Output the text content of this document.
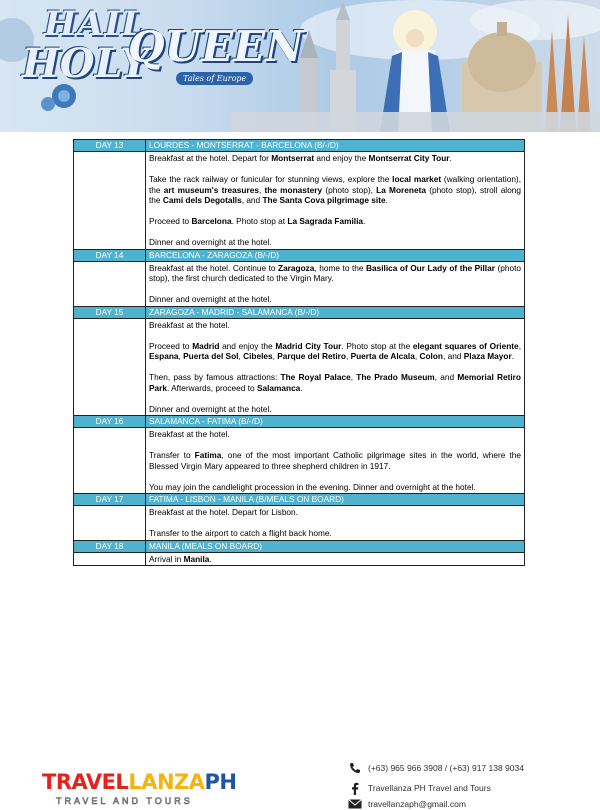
HAIL
HOLY
QUEEN
Tales of Europe
DAY 13	LOURDES - MONTSERRAT - BARCELONA (B/-/D)

	Breakfast at the hotel. Depart for Montserrat and enjoy the Montserrat City Tour.

Take the rack railway or funicular for stunning views, explore the local market (walking orientation), the art museum's treasures, the monastery (photo stop), La Moreneta (photo stop), stroll along the Cami dels Degotalls, and The Santa Cova pilgrimage site.

Proceed to Barcelona. Photo stop at La Sagrada Familia.

Dinner and overnight at the hotel.

DAY 14	BARCELONA - ZARAGOZA (B/-/D)

	Breakfast at the hotel. Continue to Zaragoza, home to the Basilica of Our Lady of the Pillar (photo stop), the first church dedicated to the Virgin Mary.

Dinner and overnight at the hotel.

DAY 15	ZARAGOZA - MADRID - SALAMANCA (B/-/D)

	Breakfast at the hotel.

Proceed to Madrid and enjoy the Madrid City Tour. Photo stop at the elegant squares of Oriente, Espana, Puerta del Sol, Cibeles, Parque del Retiro, Puerta de Alcala, Colon, and Plaza Mayor.

Then, pass by famous attractions: The Royal Palace, The Prado Museum, and Memorial Retiro Park. Afterwards, proceed to Salamanca.

Dinner and overnight at the hotel.

DAY 16	SALAMANCA - FATIMA (B/-/D)

	Breakfast at the hotel.

Transfer to Fatima, one of the most important Catholic pilgrimage sites in the world, where the Blessed Virgin Mary appeared to three shepherd children in 1917.

You may join the candlelight procession in the evening. Dinner and overnight at the hotel.

DAY 17	FATIMA - LISBON - MANILA (B/MEALS ON BOARD)

	Breakfast at the hotel. Depart for Lisbon.

Transfer to the airport to catch a flight back home.

DAY 18	MANILA (MEALS ON BOARD)

	Arrival in Manila.

TRAVELLANZAPH
TRAVEL AND TOURS
(+63) 965 966 3908 / (+63) 917 138 9034
Travellanza PH Travel and Tours
travellanzaph@gmail.com
